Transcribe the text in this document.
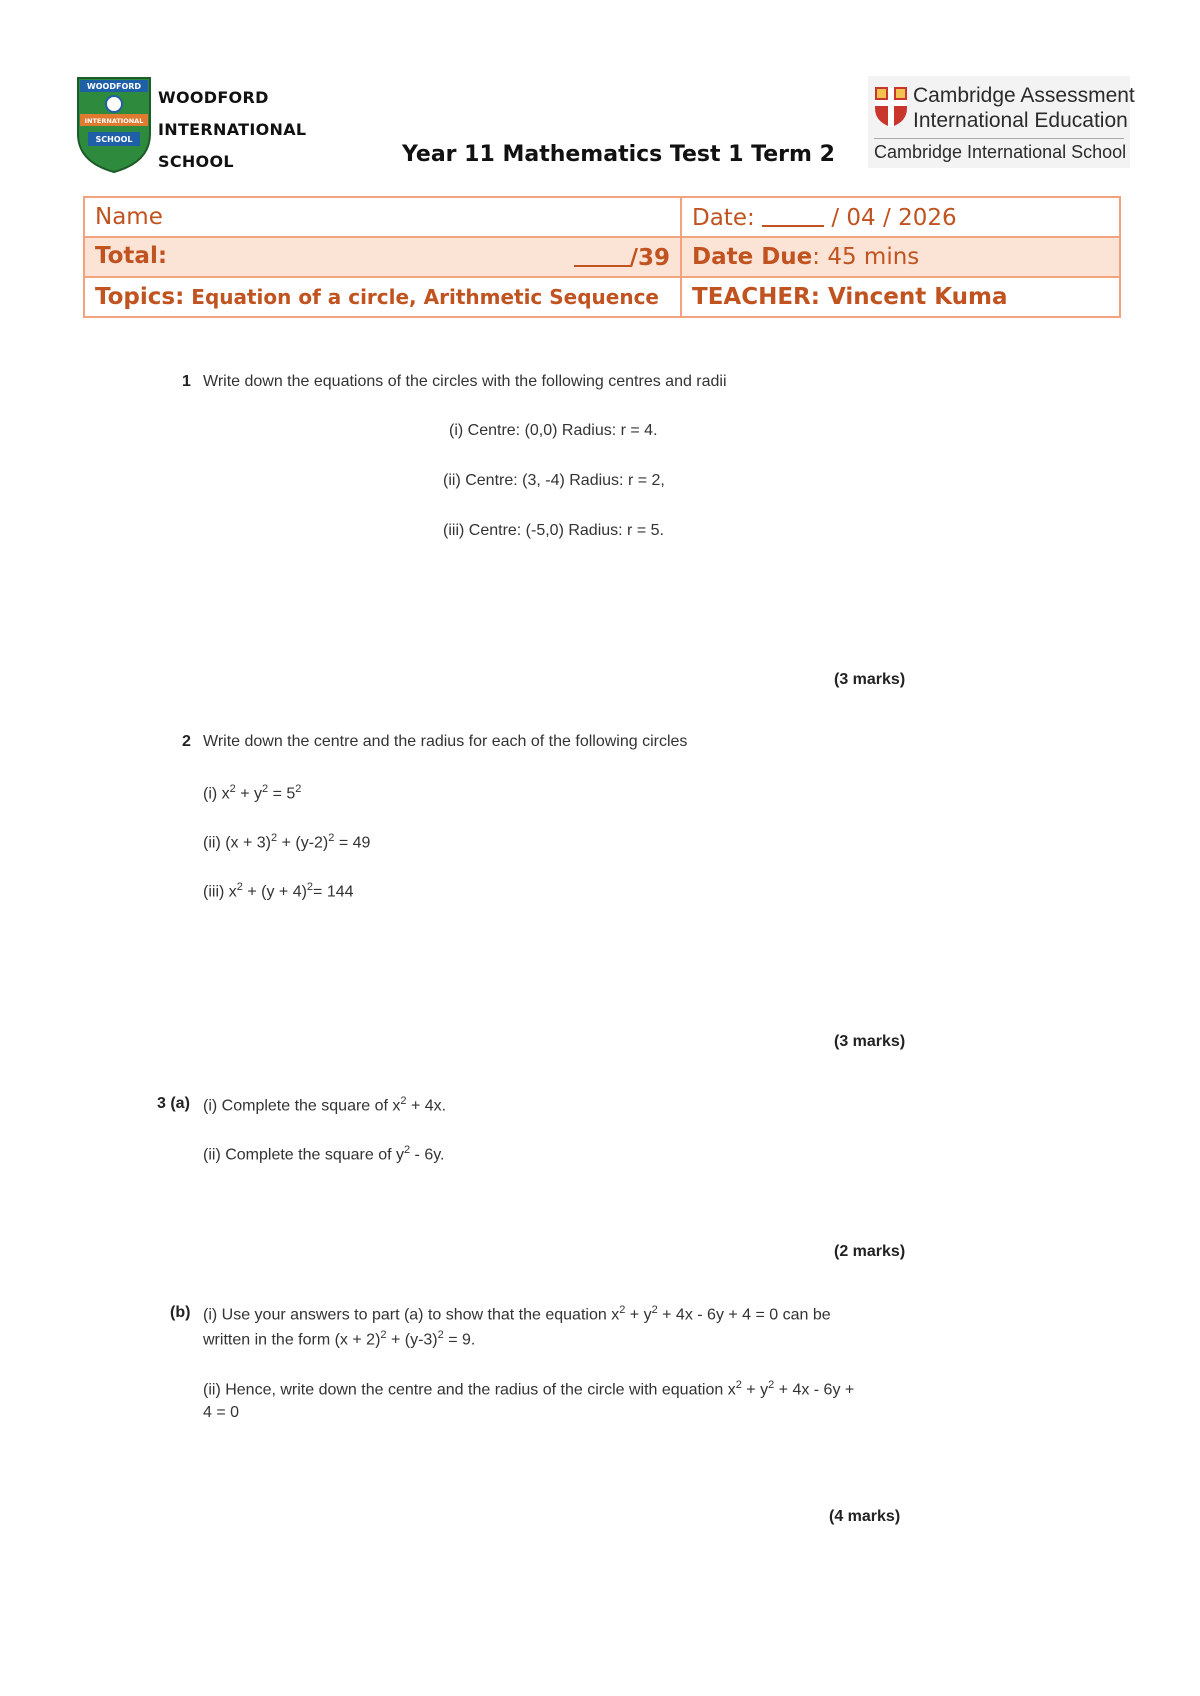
WOODFORD
INTERNATIONAL
SCHOOL
WOODFORD
INTERNATIONAL
SCHOOL	Year 11 Mathematics Test 1 Term 2
Cambridge Assessment
International Education
Cambridge International School
Name	Date: / 04 / 2026

Total: /39	Date Due: 45 mins
Topics: Equation of a circle, Arithmetic Sequence	TEACHER: Vincent Kuma
1 Write down the equations of the circles with the following centres and radii
(i) Centre: (0,0) Radius: r = 4.
(ii) Centre: (3, -4) Radius: r = 2,
(iii) Centre: (-5,0) Radius: r = 5.
(3 marks)
2 Write down the centre and the radius for each of the following circles
(i) $x^2 + y^2 = 5^2$
(ii) $(x + 3)^2 + (y-2)^2 = 49$
(iii) $x^2 + (y + 4)^2= 144$
(3 marks)
3 (a) (i) Complete the square of $x^2 + 4x$.
(ii) Complete the square of $y^2 - 6y$.
(2 marks)
(b) (i) Use your answers to part (a) to show that the equation $x^2 + y^2 + 4x - 6y + 4 = 0$ can be
written in the form $(x + 2)^2 + (y-3)^2 = 9$.
(ii) Hence, write down the centre and the radius of the circle with equation $x^2 + y^2 + 4x - 6y$ +
4 = 0
(4 marks)
